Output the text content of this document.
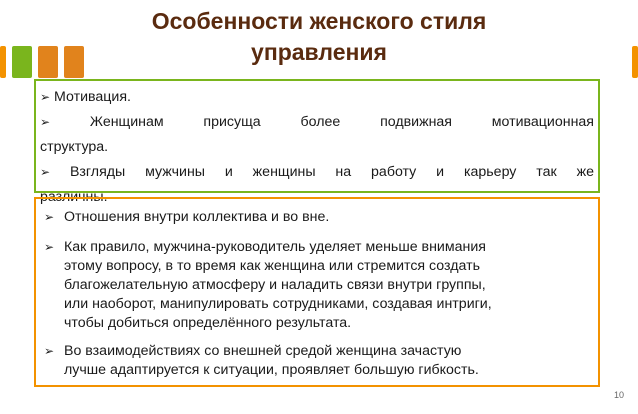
Особенности женского стиля
управления
➢ Мотивация.
➢	Женщинам присуща более подвижная мотивационная
структура.
➢ Взгляды мужчины и женщины на работу и карьеру так же
различны.
➢ Отношения внутри коллектива и во вне.
➢ Как правило, мужчина-руководитель уделяет меньше внимания
этому вопросу, в то время как женщина или стремится создать
благожелательную атмосферу и наладить связи внутри группы,
или наоборот, манипулировать сотрудниками, создавая интриги,
чтобы добиться определённого результата.
➢ Во взаимодействиях со внешней средой женщина зачастую
лучше адаптируется к ситуации, проявляет большую гибкость.
10
